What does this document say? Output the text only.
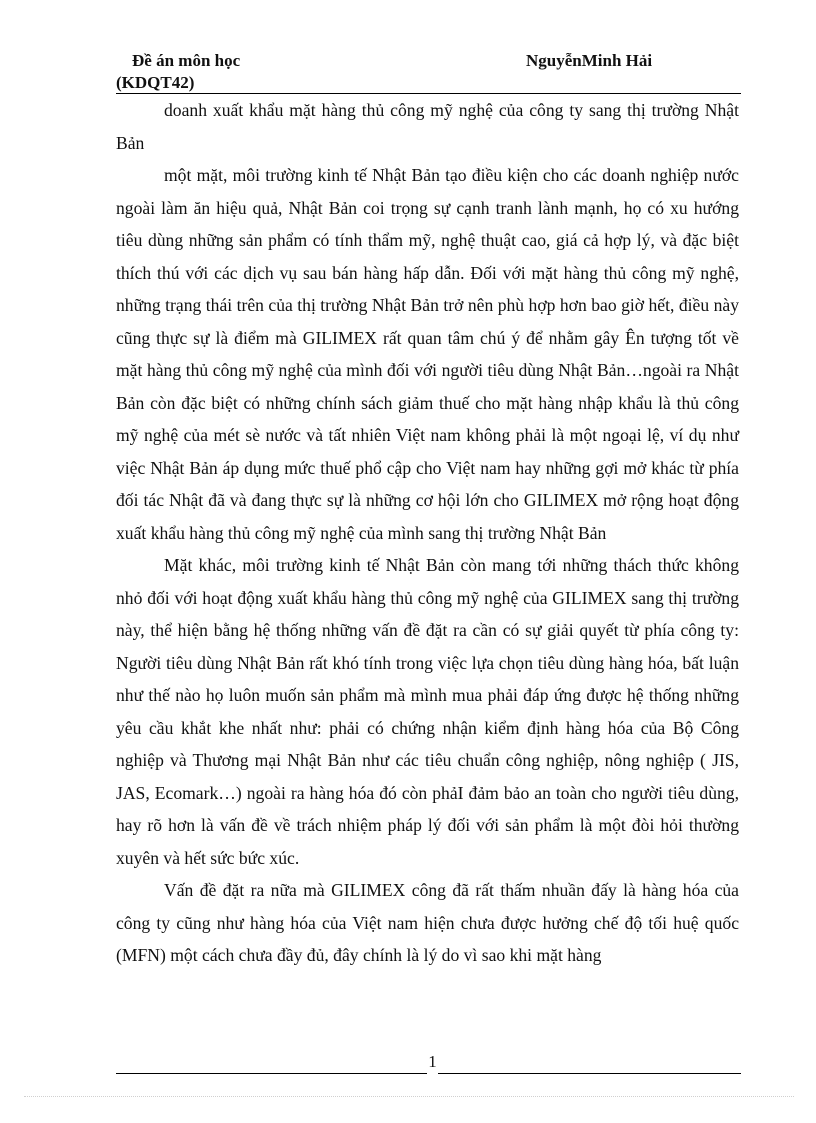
Đề án môn học
(KDQT42)
NguyễnMinh Hải

doanh xuất khẩu mặt hàng thủ công mỹ nghệ của công ty sang thị trường Nhật Bản

một mặt, môi trường kinh tế Nhật Bản tạo điều kiện cho các doanh nghiệp nước ngoài làm ăn hiệu quả, Nhật Bản coi trọng sự cạnh tranh lành mạnh, họ có xu hướng tiêu dùng những sản phẩm có tính thẩm mỹ, nghệ thuật cao, giá cả hợp lý, và đặc biệt thích thú với các dịch vụ sau bán hàng hấp dẫn. Đối với mặt hàng thủ công mỹ nghệ, những trạng thái trên của thị trường Nhật Bản trở nên phù hợp hơn bao giờ hết, điều này cũng thực sự là điểm mà GILIMEX rất quan tâm chú ý để nhằm gây Ên tượng tốt về mặt hàng thủ công mỹ nghệ của mình đối với người tiêu dùng Nhật Bản…ngoài ra Nhật Bản còn đặc biệt có những chính sách giảm thuế cho mặt hàng nhập khẩu là thủ công mỹ nghệ của mét sè nước và tất nhiên Việt nam không phải là một ngoại lệ, ví dụ như việc Nhật Bản áp dụng mức thuế phổ cập cho Việt nam hay những gợi mở khác từ phía đối tác Nhật đã và đang thực sự là những cơ hội lớn cho GILIMEX mở rộng hoạt động xuất khẩu hàng thủ công mỹ nghệ của mình sang thị trường Nhật Bản

Mặt khác, môi trường kinh tế Nhật Bản còn mang tới những thách thức không nhỏ đối với hoạt động xuất khẩu hàng thủ công mỹ nghệ của GILIMEX sang thị trường này, thể hiện bằng hệ thống những vấn đề đặt ra cần có sự giải quyết từ phía công ty: Người tiêu dùng Nhật Bản rất khó tính trong việc lựa chọn tiêu dùng hàng hóa, bất luận như thế nào họ luôn muốn sản phẩm mà mình mua phải đáp ứng được hệ thống những yêu cầu khắt khe nhất như: phải có chứng nhận kiểm định hàng hóa của Bộ Công nghiệp và Thương mại Nhật Bản như các tiêu chuẩn công nghiệp, nông nghiệp ( JIS, JAS, Ecomark…) ngoài ra hàng hóa đó còn phảI đảm bảo an toàn cho người tiêu dùng, hay rõ hơn là vấn đề về trách nhiệm pháp lý đối với sản phẩm là một đòi hỏi thường xuyên và hết sức bức xúc.

Vấn đề đặt ra nữa mà GILIMEX công đã rất thấm nhuần đấy là hàng hóa của công ty cũng như hàng hóa của Việt nam hiện chưa được hưởng chế độ tối huệ quốc (MFN) một cách chưa đầy đủ, đây chính là lý do vì sao khi mặt hàng

1
